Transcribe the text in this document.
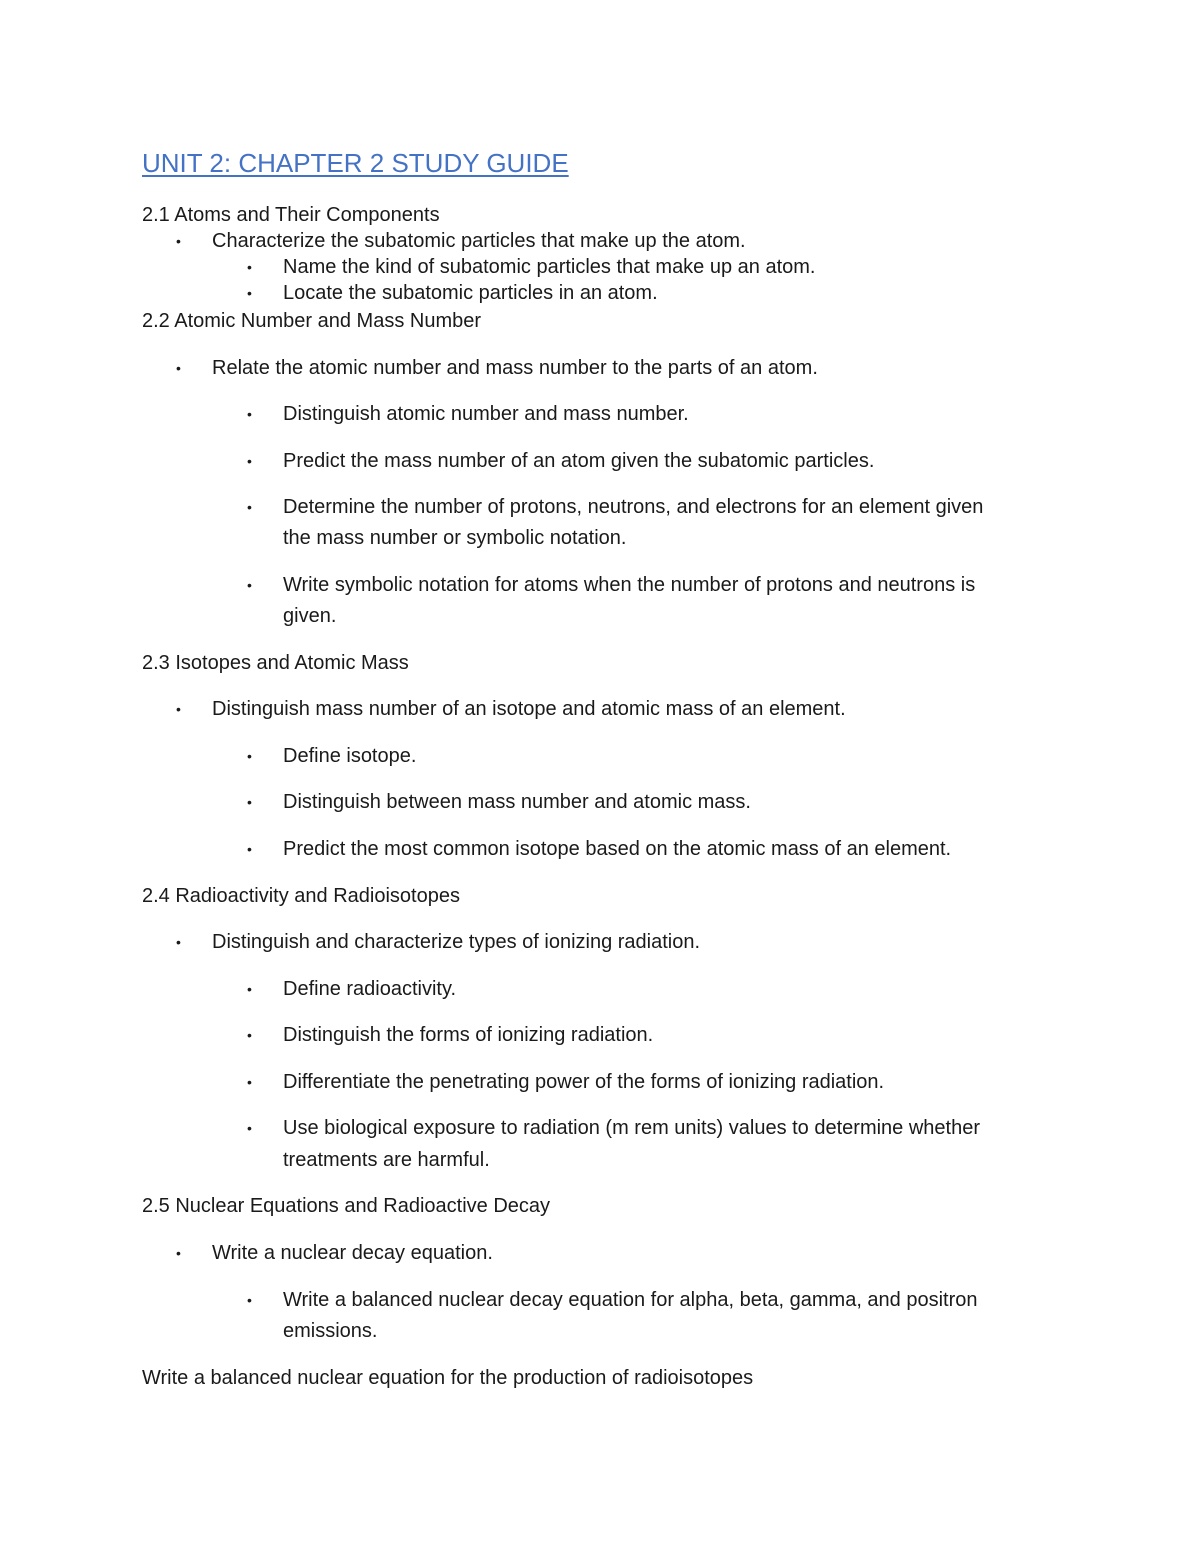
UNIT 2: CHAPTER 2 STUDY GUIDE
2.1 Atoms and Their Components
• Characterize the subatomic particles that make up the atom.
• Name the kind of subatomic particles that make up an atom.
• Locate the subatomic particles in an atom.
2.2 Atomic Number and Mass Number
• Relate the atomic number and mass number to the parts of an atom.
• Distinguish atomic number and mass number.
• Predict the mass number of an atom given the subatomic particles.
• Determine the number of protons, neutrons, and electrons for an element given
the mass number or symbolic notation.
• Write symbolic notation for atoms when the number of protons and neutrons is
given.
2.3 Isotopes and Atomic Mass
• Distinguish mass number of an isotope and atomic mass of an element.
• Define isotope.
• Distinguish between mass number and atomic mass.
• Predict the most common isotope based on the atomic mass of an element.
2.4 Radioactivity and Radioisotopes
• Distinguish and characterize types of ionizing radiation.
• Define radioactivity.
• Distinguish the forms of ionizing radiation.
• Differentiate the penetrating power of the forms of ionizing radiation.
• Use biological exposure to radiation (m rem units) values to determine whether
treatments are harmful.
2.5 Nuclear Equations and Radioactive Decay
• Write a nuclear decay equation.
• Write a balanced nuclear decay equation for alpha, beta, gamma, and positron
emissions.
Write a balanced nuclear equation for the production of radioisotopes
